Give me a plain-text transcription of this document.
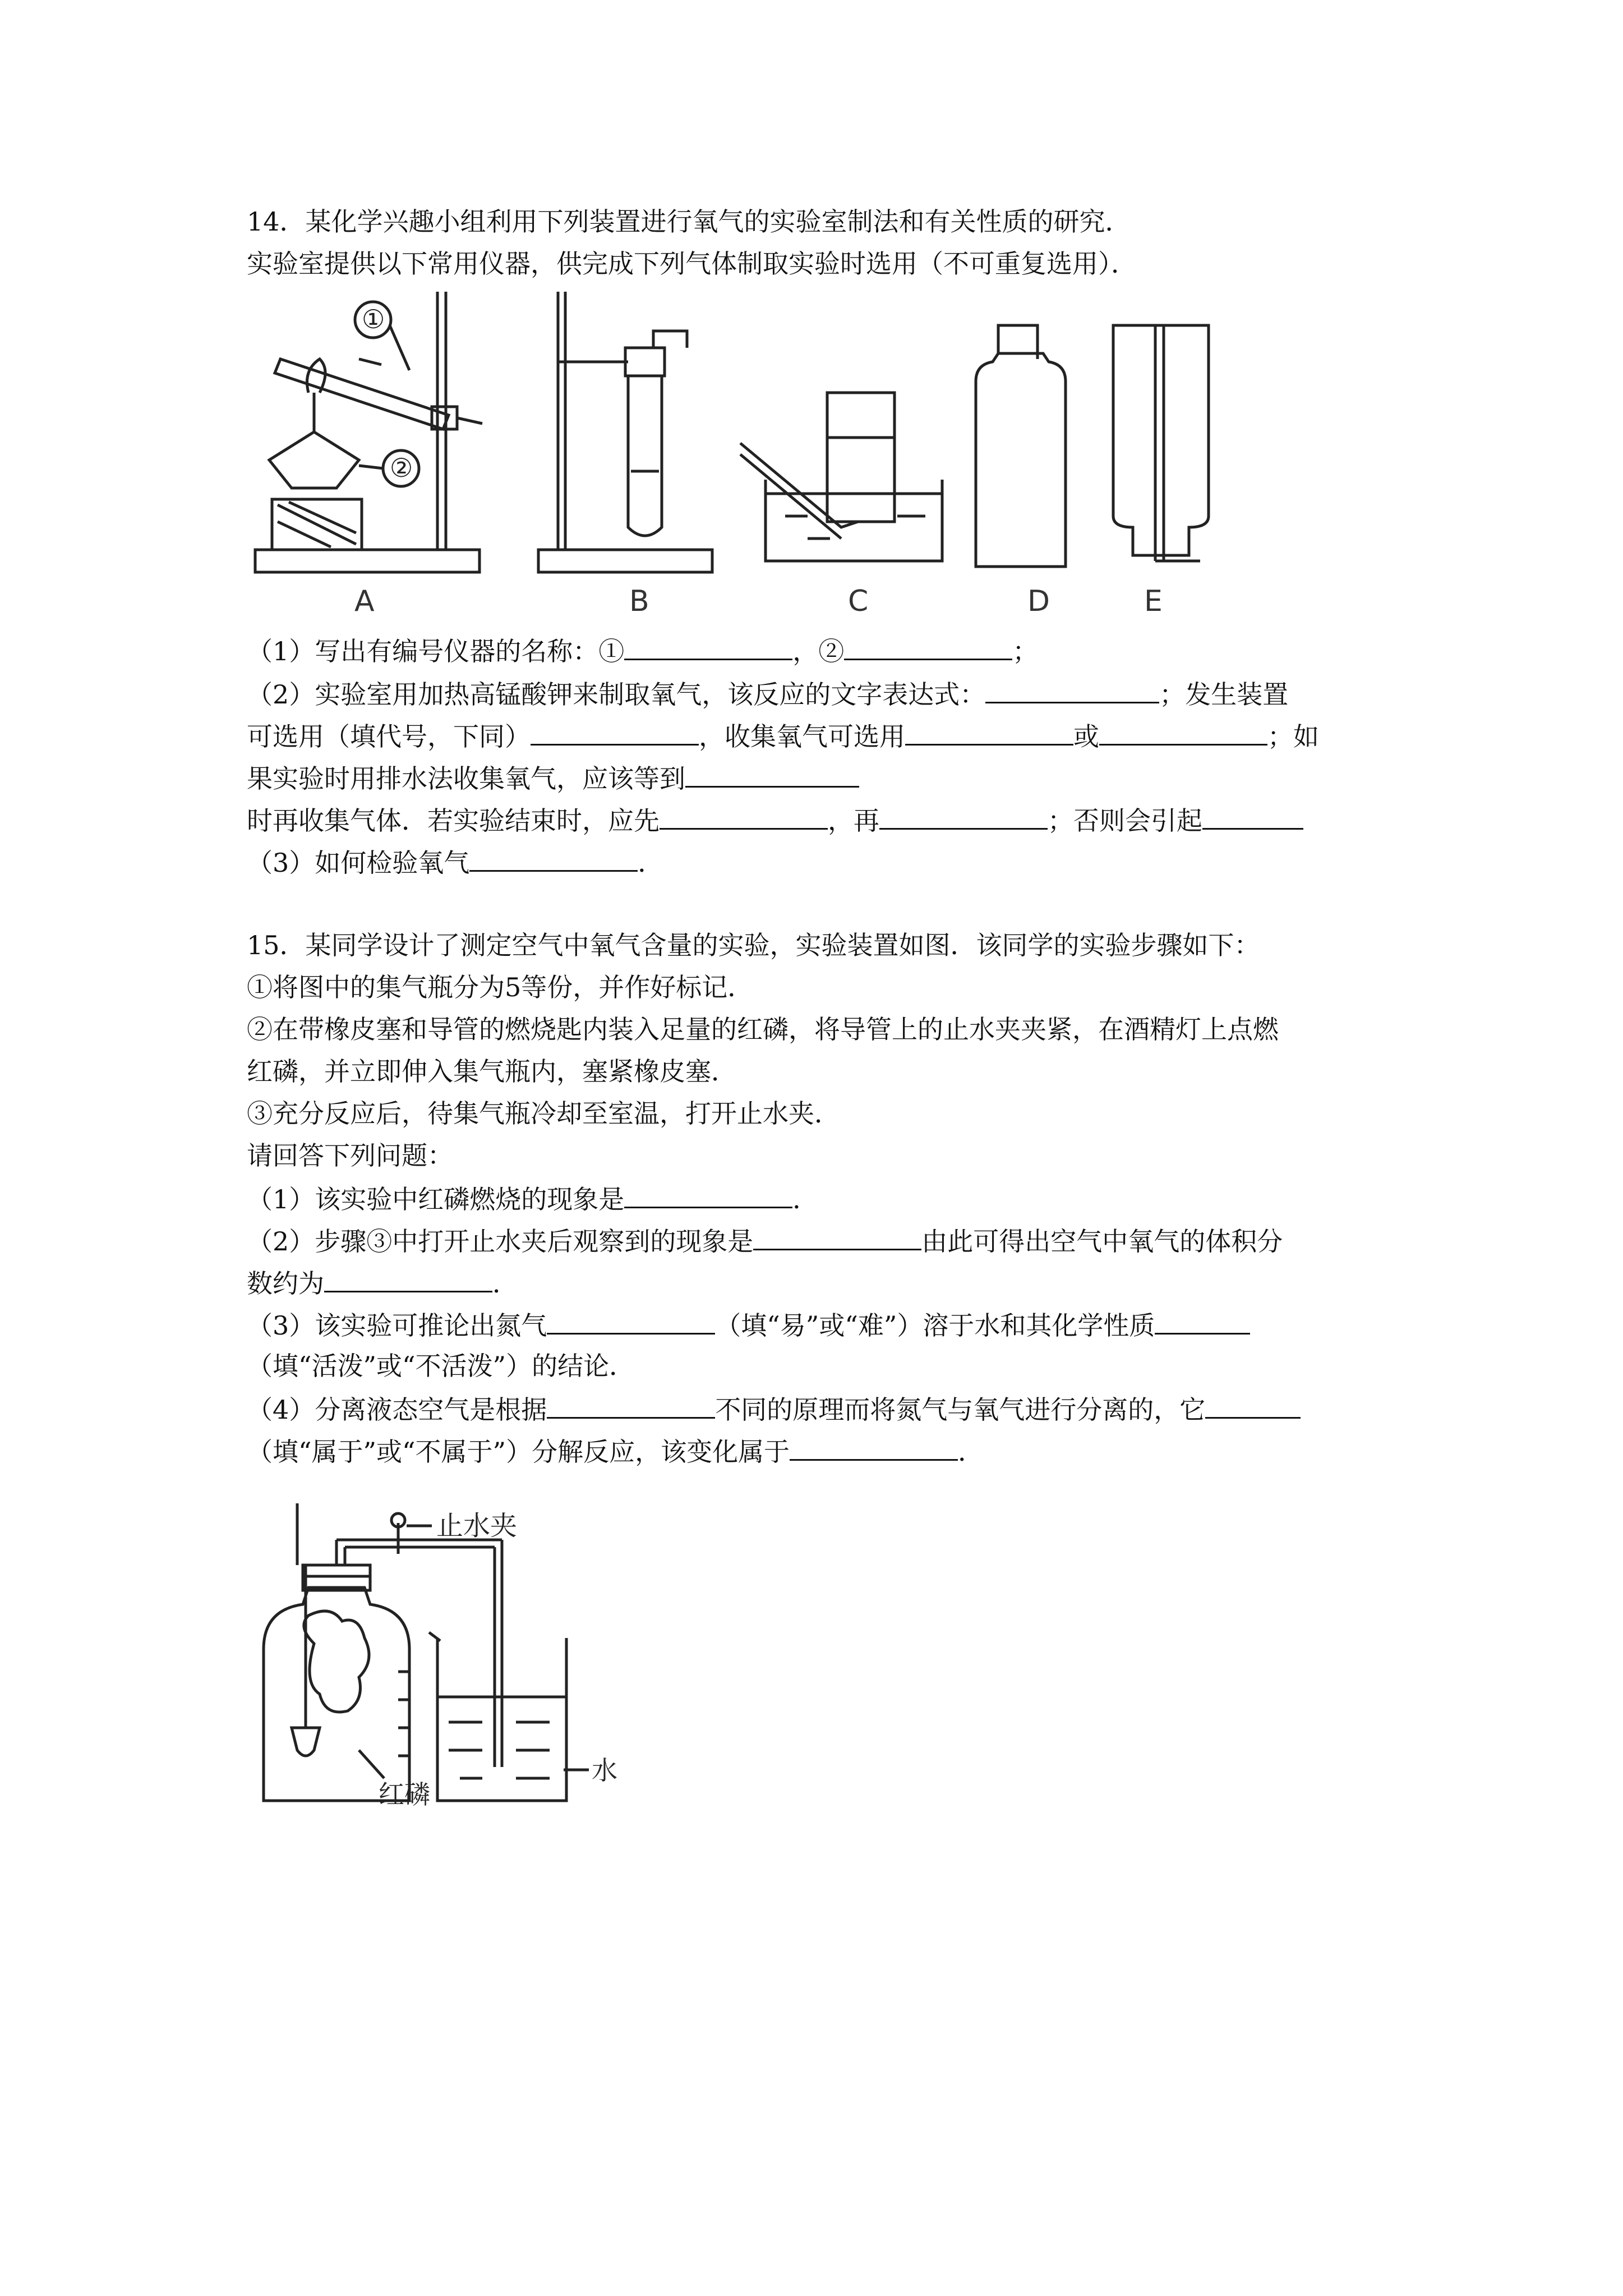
14．某化学兴趣小组利用下列装置进行氧气的实验室制法和有关性质的研究．
实验室提供以下常用仪器，供完成下列气体制取实验时选用（不可重复选用）．
①
②
A	B	C	D	E
（1）写出有编号仪器的名称：①	，②	；
（2）实验室用加热高锰酸钾来制取氧气，该反应的文字表达式：	；发生装置
可选用（填代号，下同）	，收集氧气可选用	或	；如
果实验时用排水法收集氧气，应该等到
时再收集气体．若实验结束时，应先	，再	；否则会引起
（3）如何检验氧气	．
15．某同学设计了测定空气中氧气含量的实验，实验装置如图．该同学的实验步骤如下：
①将图中的集气瓶分为5等份，并作好标记．
②在带橡皮塞和导管的燃烧匙内装入足量的红磷，将导管上的止水夹夹紧，在酒精灯上点燃
红磷，并立即伸入集气瓶内，塞紧橡皮塞．
③充分反应后，待集气瓶冷却至室温，打开止水夹．
请回答下列问题：
（1）该实验中红磷燃烧的现象是	．
（2）步骤③中打开止水夹后观察到的现象是	由此可得出空气中氧气的体积分
数约为	．
（3）该实验可推论出氮气	（填“易”或“难”）溶于水和其化学性质
（填“活泼”或“不活泼”）的结论．
（4）分离液态空气是根据	不同的原理而将氮气与氧气进行分离的，它
（填“属于”或“不属于”）分解反应，该变化属于	．
止水夹
红磷
水
